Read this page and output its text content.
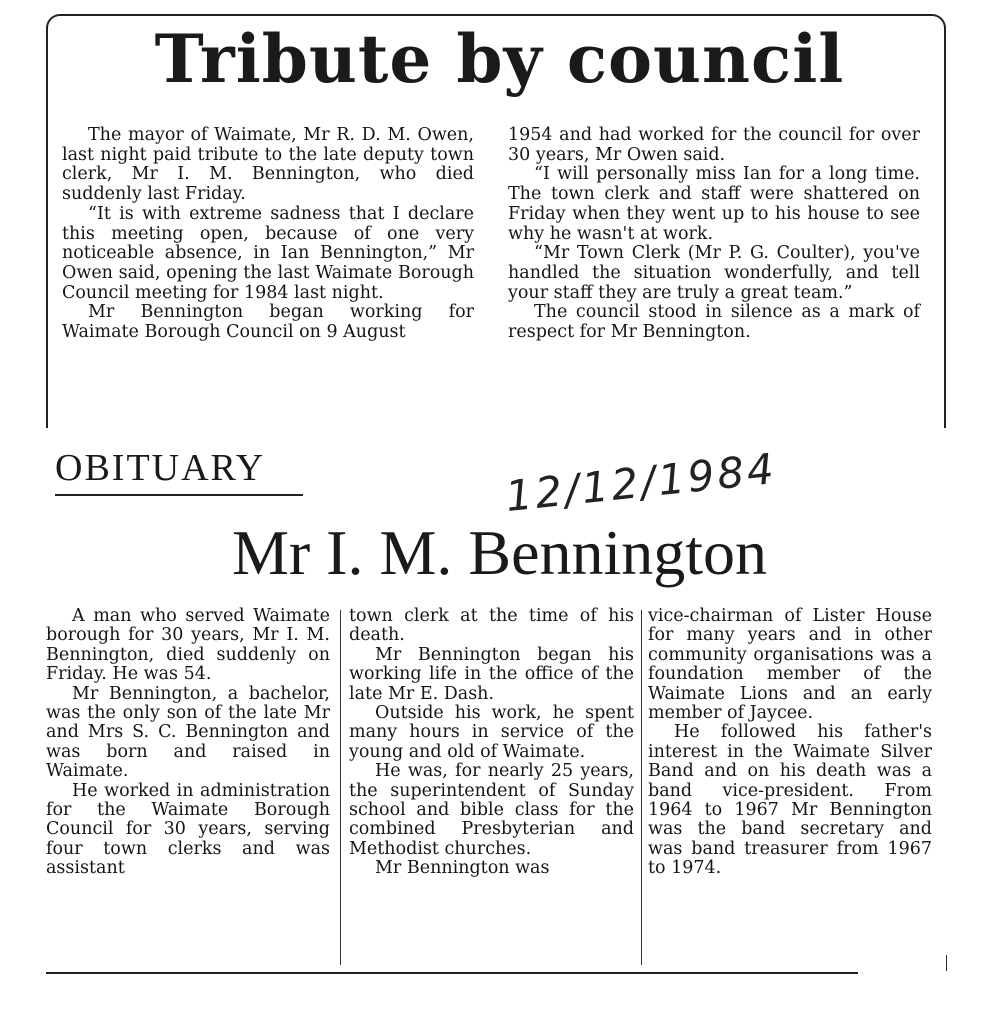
Tribute by council

The mayor of Waimate, Mr R. D. M. Owen, last night paid tribute to the late deputy town clerk, Mr I. M. Bennington, who died suddenly last Friday.

“It is with extreme sadness that I declare this meeting open, because of one very noticeable absence, in Ian Bennington,” Mr Owen said, opening the last Waimate Borough Council meeting for 1984 last night.

Mr Bennington began working for Waimate Borough Council on 9 August

1954 and had worked for the council for over 30 years, Mr Owen said.

“I will personally miss Ian for a long time. The town clerk and staff were shattered on Friday when they went up to his house to see why he wasn't at work.

“Mr Town Clerk (Mr P. G. Coulter), you've handled the situation wonderfully, and tell your staff they are truly a great team.”

The council stood in silence as a mark of respect for Mr Bennington.

OBITUARY	12/12/1984
Mr I. M. Bennington

A man who served Waimate borough for 30 years, Mr I. M. Bennington, died suddenly on Friday. He was 54.

Mr Bennington, a bachelor, was the only son of the late Mr and Mrs S. C. Bennington and was born and raised in Waimate.

He worked in administration for the Waimate Borough Council for 30 years, serving four town clerks and was assistant

town clerk at the time of his death.

Mr Bennington began his working life in the office of the late Mr E. Dash.

Outside his work, he spent many hours in service of the young and old of Waimate.

He was, for nearly 25 years, the superintendent of Sunday school and bible class for the combined Presbyterian and Methodist churches.

Mr Bennington was

vice-chairman of Lister House for many years and in other community organisations was a foundation member of the Waimate Lions and an early member of Jaycee.

He followed his father's interest in the Waimate Silver Band and on his death was a band vice-president. From 1964 to 1967 Mr Bennington was the band secretary and was band treasurer from 1967 to 1974.
